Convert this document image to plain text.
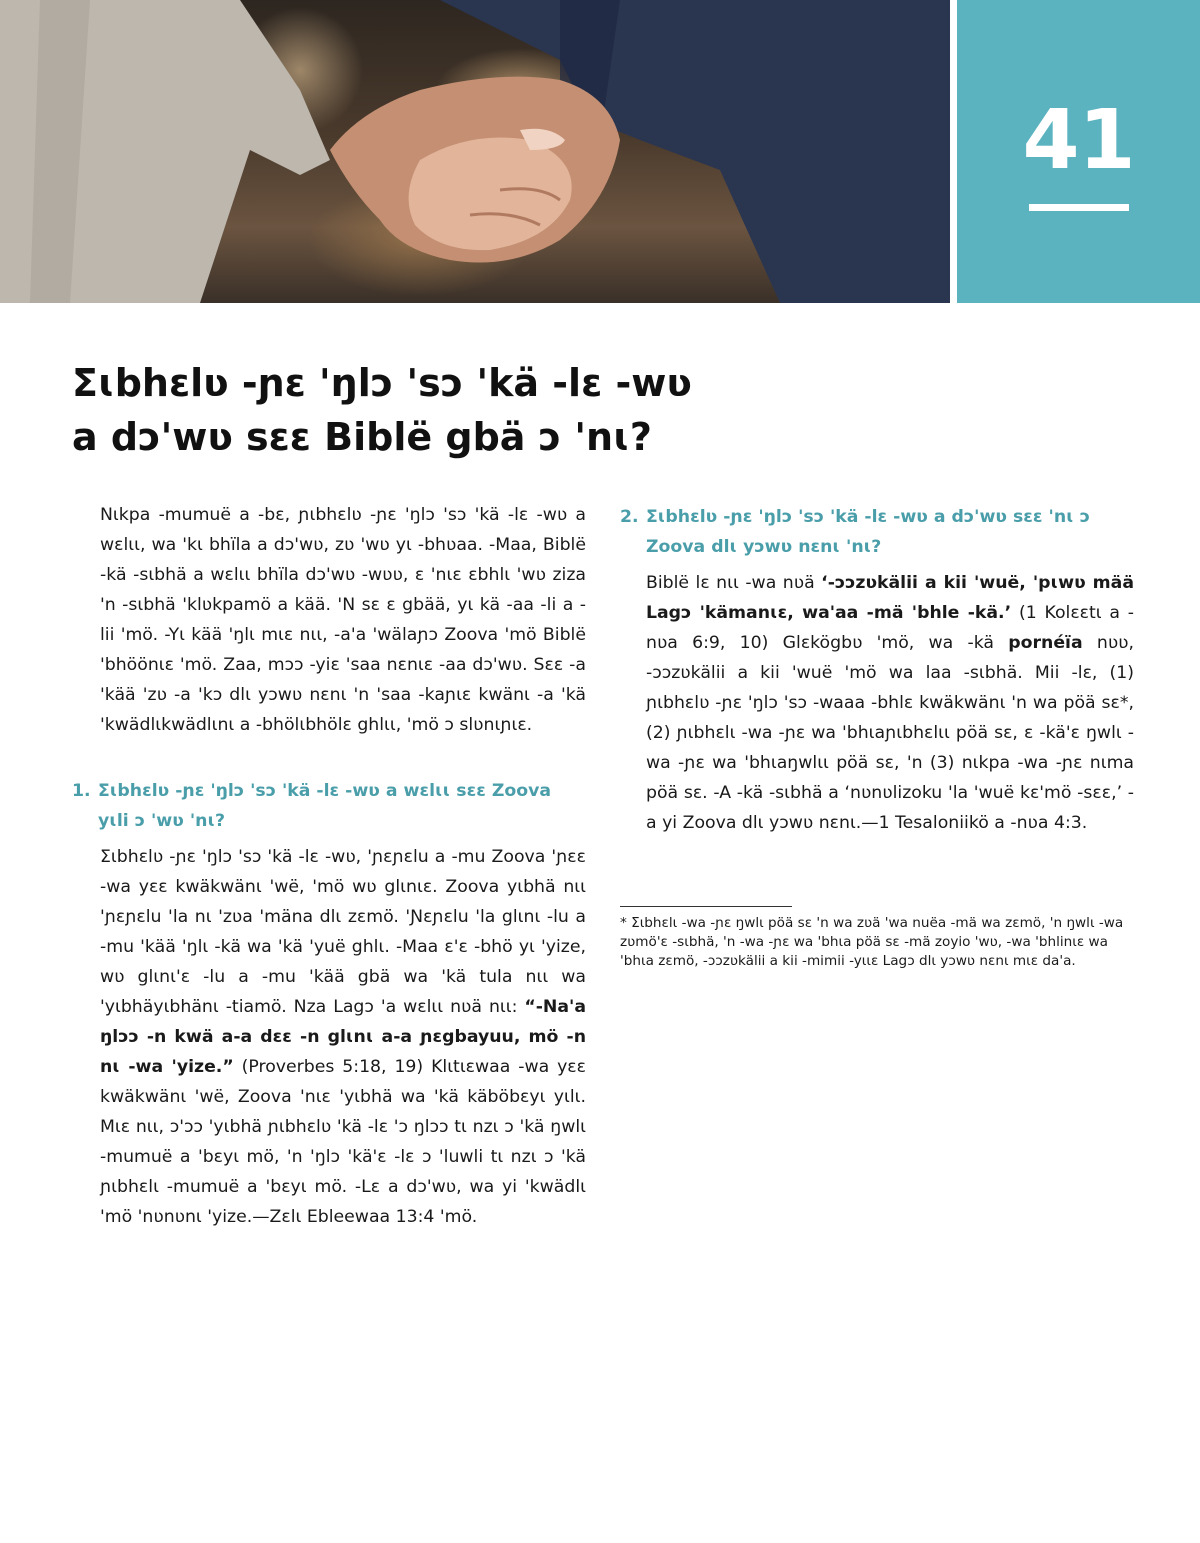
41
Ʃɩbhɛlʋ -ɲɛ 'ŋlɔ 'sɔ 'kä -lɛ -wʋ
a dɔ'wʋ sɛɛ Biblë gbä ɔ 'nɩ?

Nɩkpa -mumuë a -bɛ, ɲɩbhɛlʋ -ɲɛ 'ŋlɔ 'sɔ 'kä -lɛ -wʋ a wɛlɩɩ, wa 'kɩ bhïla a dɔ'wʋ, zʋ 'wʋ yɩ -bhʋaa. -Maa, Biblë -kä -sɩbhä a wɛlɩɩ bhïla dɔ'wʋ -wʋʋ, ɛ 'nɩɛ ɛbhlɩ 'wʋ ziza 'n -sɩbhä 'klʋkpamö a kää. 'N sɛ ɛ gbää, yɩ kä -aa -li a -lii 'mö. -Yɩ kää 'ŋlɩ mɩɛ nɩɩ, -a'a 'wälaɲɔ Zoova 'mö Biblë 'bhöönɩɛ 'mö. Zaa, mɔɔ -yiɛ 'saa nɛnɩɛ -aa dɔ'wʋ. Sɛɛ -a 'kää 'zʋ -a 'kɔ dlɩ yɔwʋ nɛnɩ 'n 'saa -kaɲɩɛ kwänɩ -a 'kä 'kwädlɩkwädlɩnɩ a -bhölɩbhölɛ ghlɩɩ, 'mö ɔ slʋnɩɲɩɛ.

1. Ʃɩbhɛlʋ -ɲɛ 'ŋlɔ 'sɔ 'kä -lɛ -wʋ a wɛlɩɩ sɛɛ Zoova yɩli ɔ 'wʋ 'nɩ?

Ʃɩbhɛlʋ -ɲɛ 'ŋlɔ 'sɔ 'kä -lɛ -wʋ, 'ɲɛɲɛlu a -mu Zoova 'ɲɛɛ -wa yɛɛ kwäkwänɩ 'wë, 'mö wʋ glɩnɩɛ. Zoova yɩbhä nɩɩ 'ɲɛɲɛlu 'la nɩ 'zʋa 'mäna dlɩ zɛmö. 'Ɲɛɲɛlu 'la glɩnɩ -lu a -mu 'kää 'ŋlɩ -kä wa 'kä 'yuë ghlɩ. -Maa ɛ'ɛ -bhö yɩ 'yize, wʋ glɩnɩ'ɛ -lu a -mu 'kää gbä wa 'kä tula nɩɩ wa 'yɩbhäyɩbhänɩ -tiamö. Nza Lagɔ 'a wɛlɩɩ nʋä nɩɩ: “-Na'a ŋlɔɔ -n kwä a-a dɛɛ -n glɩnɩ a-a ɲɛgbayuu, mö -n nɩ -wa 'yize.” (Proverbes 5:18, 19) Klɩtɩɛwaa -wa yɛɛ kwäkwänɩ 'wë, Zoova 'nɩɛ 'yɩbhä wa 'kä käböbɛyɩ yɩlɩ. Mɩɛ nɩɩ, ɔ'ɔɔ 'yɩbhä ɲɩbhɛlʋ 'kä -lɛ 'ɔ ŋlɔɔ tɩ nzɩ ɔ 'kä ŋwlɩ -mumuë a 'bɛyɩ mö, 'n 'ŋlɔ 'kä'ɛ -lɛ ɔ 'luwli tɩ nzɩ ɔ 'kä ɲɩbhɛlɩ -mumuë a 'bɛyɩ mö. -Lɛ a dɔ'wʋ, wa yi 'kwädlɩ 'mö 'nʋnʋnɩ 'yize.—Zɛlɩ Ebleewaa 13:4 'mö.

2. Ʃɩbhɛlʋ -ɲɛ 'ŋlɔ 'sɔ 'kä -lɛ -wʋ a dɔ'wʋ sɛɛ 'nɩ ɔ Zoova dlɩ yɔwʋ nɛnɩ 'nɩ?

Biblë lɛ nɩɩ -wa nʋä ‘-ɔɔzʋkälii a kii 'wuë, 'pɩwʋ mää Lagɔ 'kämanɩɛ, wa'aa -mä 'bhle -kä.’ (1 Kolɛɛtɩ a -nʋa 6:9, 10) Glɛkögbʋ 'mö, wa -kä pornéïa nʋʋ, -ɔɔzʋkälii a kii 'wuë 'mö wa laa -sɩbhä. Mii -lɛ, (1) ɲɩbhɛlʋ -ɲɛ 'ŋlɔ 'sɔ -waaa -bhlɛ kwäkwänɩ 'n wa pöä sɛ*, (2) ɲɩbhɛlɩ -wa -ɲɛ wa 'bhɩaɲɩbhɛlɩɩ pöä sɛ, ɛ -kä'ɛ ŋwlɩ -wa -ɲɛ wa 'bhɩaŋwlɩɩ pöä sɛ, 'n (3) nɩkpa -wa -ɲɛ nɩma pöä sɛ. -A -kä -sɩbhä a ‘nʋnʋlizoku 'la 'wuë kɛ'mö -sɛɛ,’ -a yi Zoova dlɩ yɔwʋ nɛnɩ.—1 Tesaloniikö a -nʋa 4:3.

* Ʃɩbhɛlɩ -wa -ɲɛ ŋwlɩ pöä sɛ 'n wa zʋä 'wa nuëa -mä wa zɛmö, 'n ŋwlɩ -wa zʋmö'ɛ -sɩbhä, 'n -wa -ɲɛ wa 'bhɩa pöä sɛ -mä zoyio 'wʋ, -wa 'bhlinɩɛ wa 'bhɩa zɛmö, -ɔɔzʋkälii a kii -mimii -yɩɩɛ Lagɔ dlɩ yɔwʋ nɛnɩ mɩɛ da'a.
